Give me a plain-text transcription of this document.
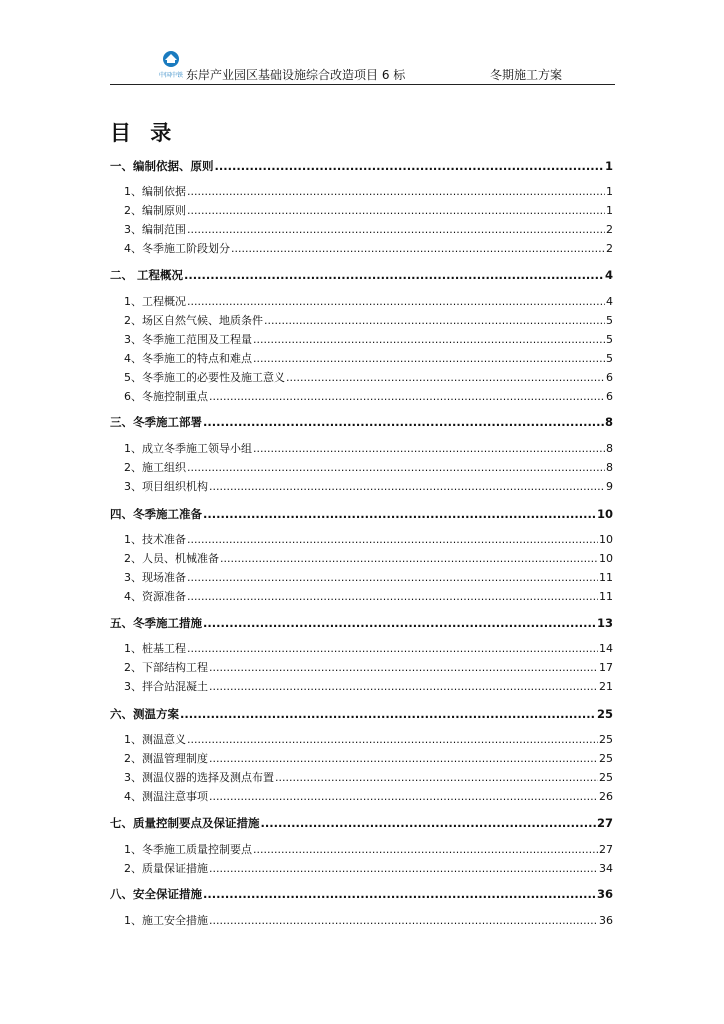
中国中铁 东岸产业园区基础设施综合改造项目 6 标	冬期施工方案
目 录
一、编制依据、原则 .....	1
1、编制依据 .....	1
2、编制原则 .....	1
3、编制范围 .....	2
4、冬季施工阶段划分 .....	2
二、 工程概况 .....	4
1、工程概况 .....	4
2、场区自然气候、地质条件 .....	5
3、冬季施工范围及工程量 .....	5
4、冬季施工的特点和难点 .....	5
5、冬季施工的必要性及施工意义 .....	6
6、冬施控制重点 .....	6
三、冬季施工部署 .....	8
1、成立冬季施工领导小组 .....	8
2、施工组织 .....	8
3、项目组织机构 .....	9
四、冬季施工准备 .....	10
1、技术准备 .....	10
2、人员、机械准备 .....	10
3、现场准备 .....	11
4、资源准备 .....	11
五、冬季施工措施 .....	13
1、桩基工程 .....	14
2、下部结构工程 .....	17
3、拌合站混凝土 .....	21
六、测温方案 .....	25
1、测温意义 .....	25
2、测温管理制度 .....	25
3、测温仪器的选择及测点布置 .....	25
4、测温注意事项 .....	26
七、质量控制要点及保证措施 .....	27
1、冬季施工质量控制要点 .....	27
2、质量保证措施 .....	34
八、安全保证措施 .....	36
1、施工安全措施 .....	36
